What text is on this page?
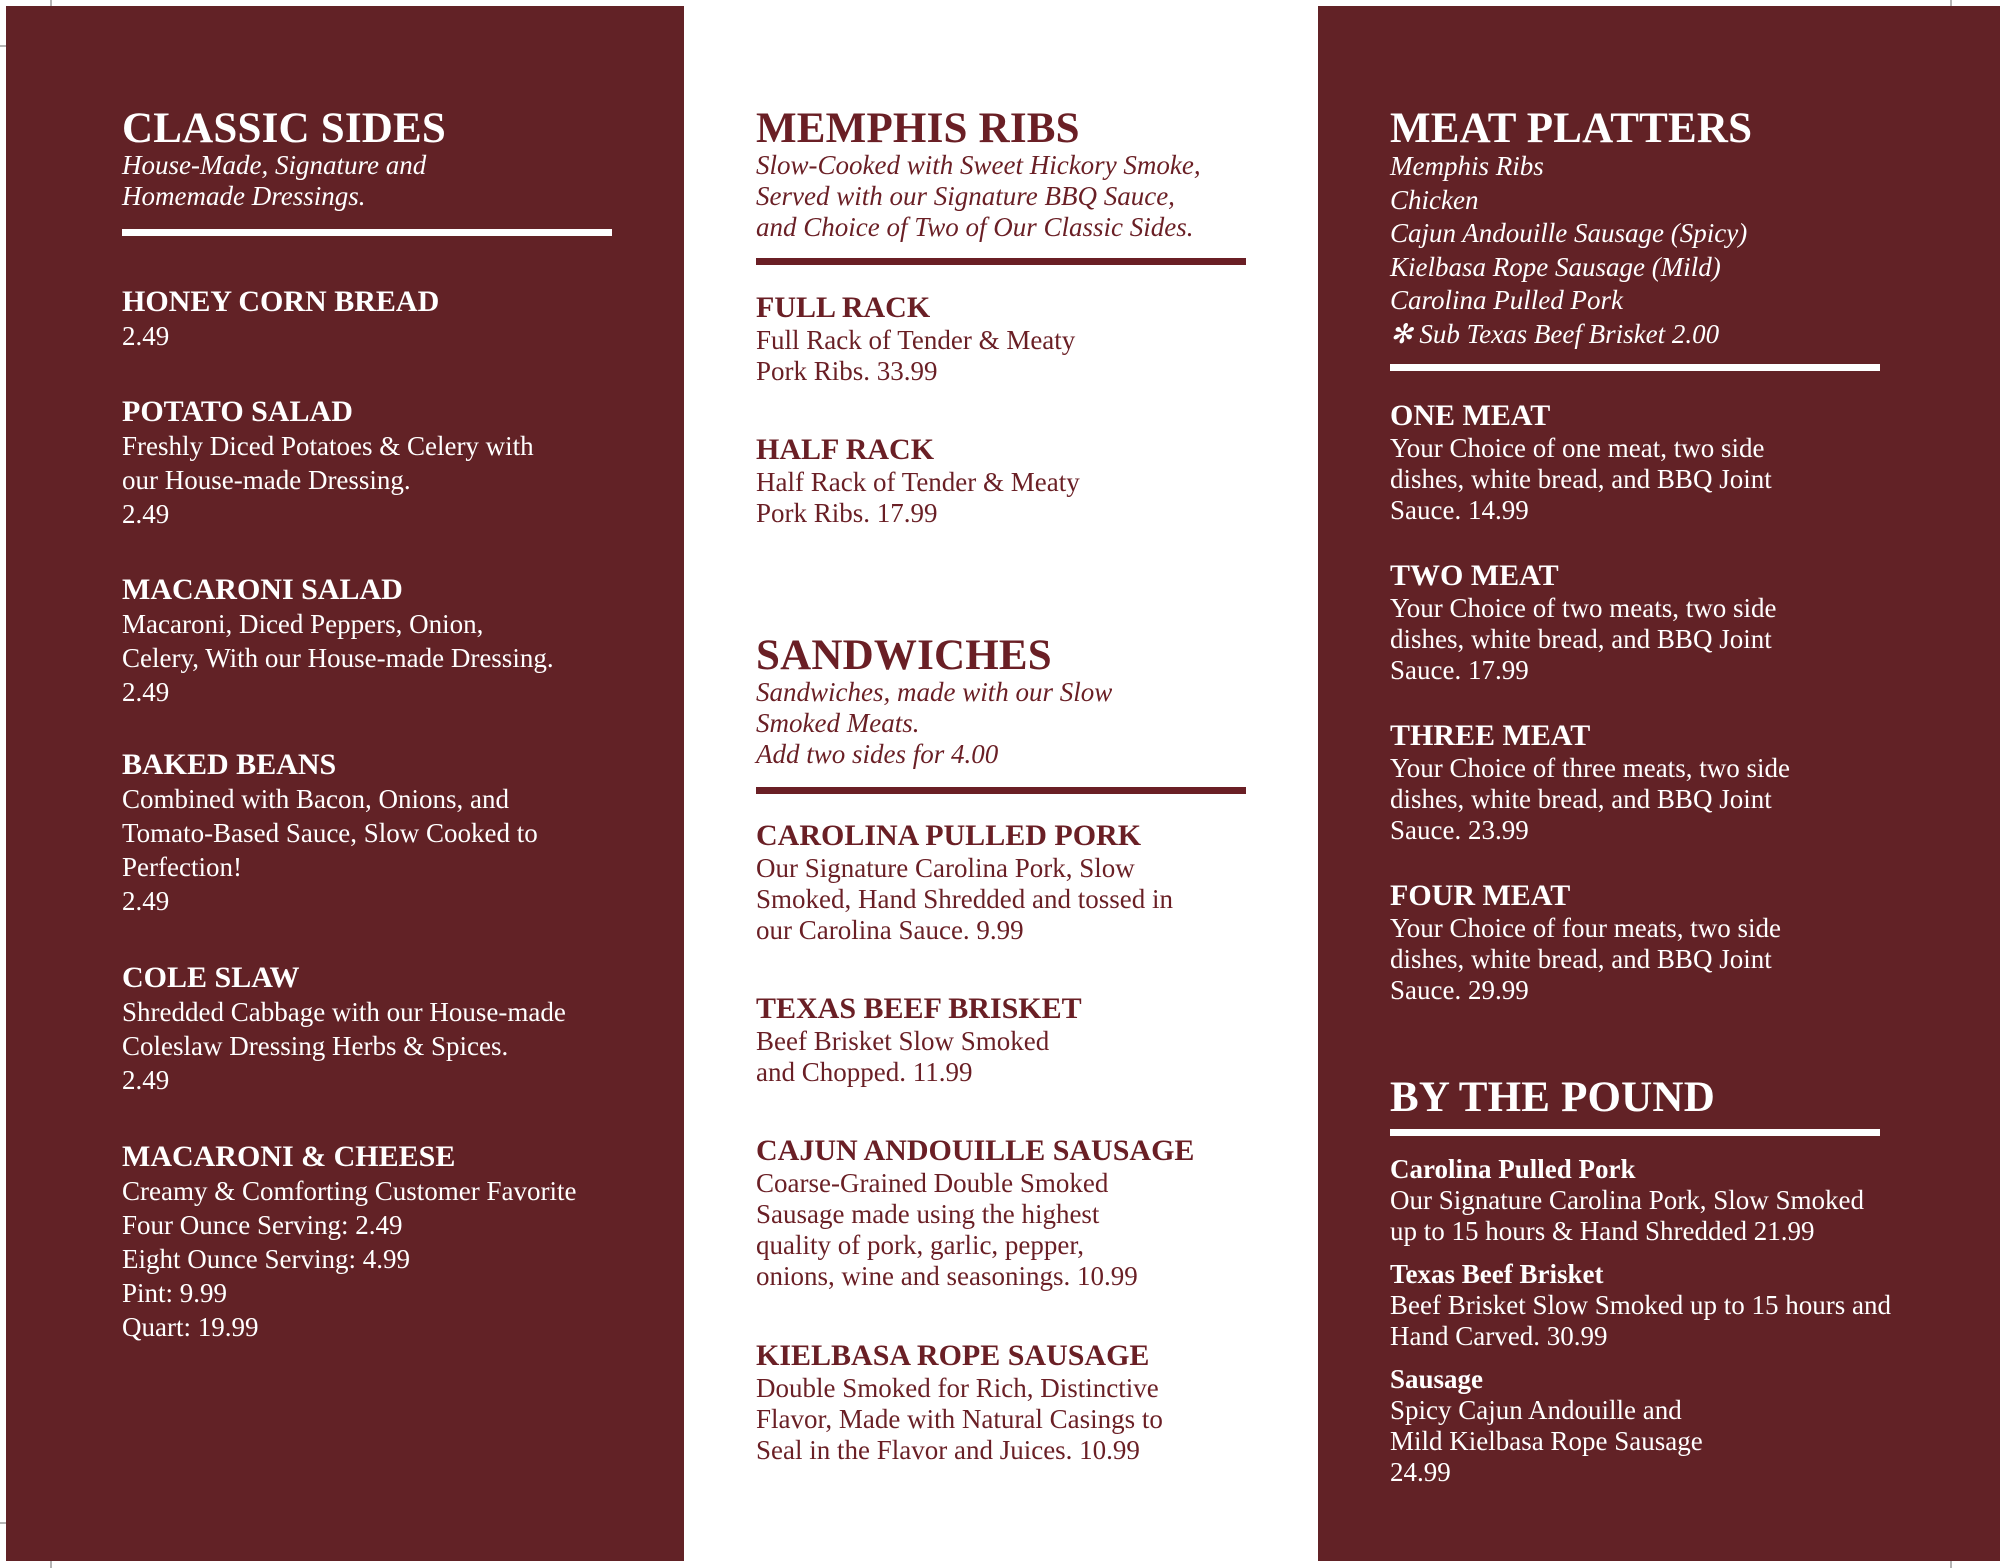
CLASSIC SIDES
House-Made, Signature and
Homemade Dressings.
HONEY CORN BREAD
2.49
POTATO SALAD
Freshly Diced Potatoes & Celery with
our House-made Dressing.
2.49
MACARONI SALAD
Macaroni, Diced Peppers, Onion,
Celery, With our House-made Dressing.
2.49
BAKED BEANS
Combined with Bacon, Onions, and
Tomato-Based Sauce, Slow Cooked to
Perfection!
2.49
COLE SLAW
Shredded Cabbage with our House-made
Coleslaw Dressing Herbs & Spices.
2.49
MACARONI & CHEESE
Creamy & Comforting Customer Favorite
Four Ounce Serving: 2.49
Eight Ounce Serving: 4.99
Pint: 9.99
Quart: 19.99
MEMPHIS RIBS
Slow-Cooked with Sweet Hickory Smoke,
Served with our Signature BBQ Sauce,
and Choice of Two of Our Classic Sides.
FULL RACK
Full Rack of Tender & Meaty
Pork Ribs. 33.99
HALF RACK
Half Rack of Tender & Meaty
Pork Ribs. 17.99
SANDWICHES
Sandwiches, made with our Slow
Smoked Meats.
Add two sides for 4.00
CAROLINA PULLED PORK
Our Signature Carolina Pork, Slow
Smoked, Hand Shredded and tossed in
our Carolina Sauce. 9.99
TEXAS BEEF BRISKET
Beef Brisket Slow Smoked
and Chopped. 11.99
CAJUN ANDOUILLE SAUSAGE
Coarse-Grained Double Smoked
Sausage made using the highest
quality of pork, garlic, pepper,
onions, wine and seasonings. 10.99
KIELBASA ROPE SAUSAGE
Double Smoked for Rich, Distinctive
Flavor, Made with Natural Casings to
Seal in the Flavor and Juices. 10.99
MEAT PLATTERS
Memphis Ribs
Chicken
Cajun Andouille Sausage (Spicy)
Kielbasa Rope Sausage (Mild)
Carolina Pulled Pork
✻ Sub Texas Beef Brisket 2.00
ONE MEAT
Your Choice of one meat, two side
dishes, white bread, and BBQ Joint
Sauce. 14.99
TWO MEAT
Your Choice of two meats, two side
dishes, white bread, and BBQ Joint
Sauce. 17.99
THREE MEAT
Your Choice of three meats, two side
dishes, white bread, and BBQ Joint
Sauce. 23.99
FOUR MEAT
Your Choice of four meats, two side
dishes, white bread, and BBQ Joint
Sauce. 29.99
BY THE POUND
Carolina Pulled Pork
Our Signature Carolina Pork, Slow Smoked
up to 15 hours & Hand Shredded 21.99
Texas Beef Brisket
Beef Brisket Slow Smoked up to 15 hours and
Hand Carved. 30.99
Sausage
Spicy Cajun Andouille and
Mild Kielbasa Rope Sausage
24.99
